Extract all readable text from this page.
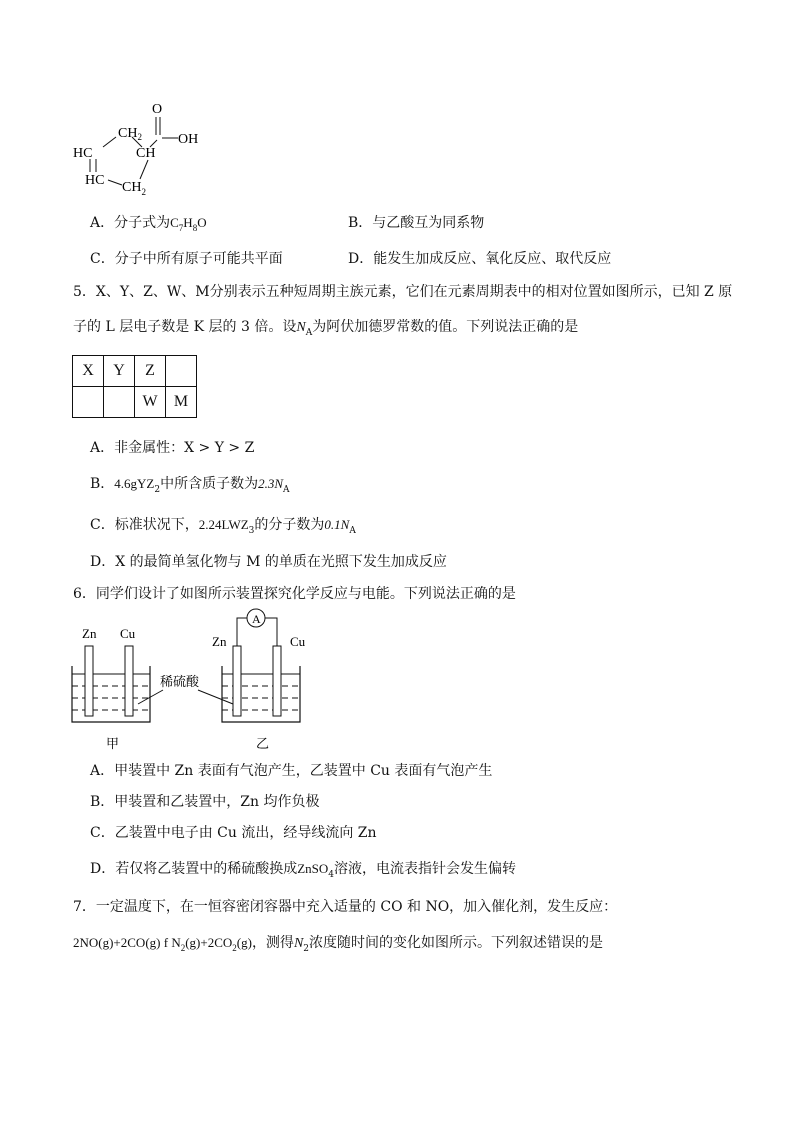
O
OH
$CH_2$
CH
HC
HC $CH_2$
A．分子式为$C_7H_8O$	B．与乙酸互为同系物
C．分子中所有原子可能共平面	D．能发生加成反应、氧化反应、取代反应
5．X、Y、Z、W、M分别表示五种短周期主族元素，它们在元素周期表中的相对位置如图所示，已知 Z 原
子的 L 层电子数是 K 层的 3 倍。设$N_A$为阿伏加德罗常数的值。下列说法正确的是
X	Y	Z	
		W	M
A．非金属性：X > Y > Z
B．4.6gYZ$_2$中所含质子数为$2.3N_A$
C．标准状况下，$2.24LWZ_3$的分子数为$0.1N_A$
D．X 的最简单氢化物与 M 的单质在光照下发生加成反应
6．同学们设计了如图所示装置探究化学反应与电能。下列说法正确的是
Zn Cu
甲
稀硫酸
Zn	Cu
A
乙
A．甲装置中 Zn 表面有气泡产生，乙装置中 Cu 表面有气泡产生
B．甲装置和乙装置中，Zn 均作负极
C．乙装置中电子由 Cu 流出，经导线流向 Zn
D．若仅将乙装置中的稀硫酸换成ZnSO$_4$溶液，电流表指针会发生偏转
7．一定温度下，在一恒容密闭容器中充入适量的 CO 和 NO，加入催化剂，发生反应：
2NO(g)+2CO(g) f $N_2(g)+2CO_2(g)$，测得$N_2$浓度随时间的变化如图所示。下列叙述错误的是
